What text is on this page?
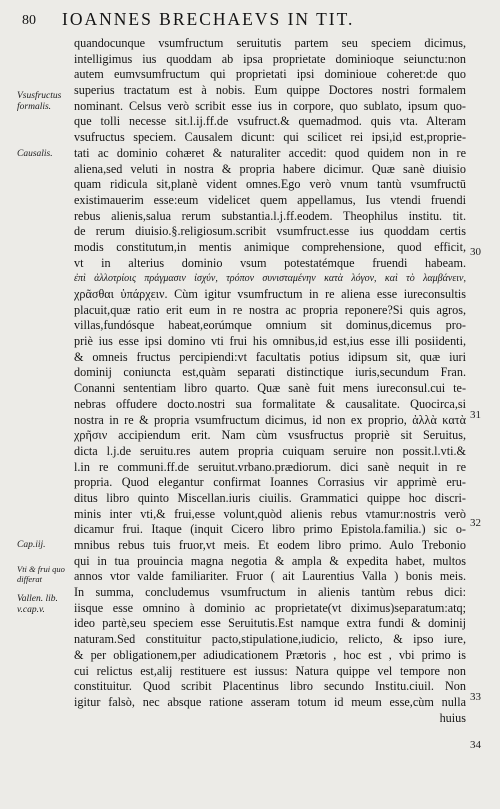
80 IOANNES BRECHAEVS IN TIT.
quandocunque vsumfructum seruitutis partem seu speciem dicimus,
intelligimus ius quoddam ab ipsa proprietate dominioque seiunctu:non
autem eumvsumfructum qui proprietati ipsi dominioue coheret:de quo
superius tractatum est à nobis. Eum quippe Doctores nostri formalem
nominant. Celsus verò scribit esse ius in corpore, quo sublato, ipsum quo-
que tolli necesse sit.l.ij.ff.de vsufruct.& quemadmod. quis vta. Alteram
vsufructus speciem. Causalem dicunt: qui scilicet rei ipsi,id est,proprie-
tati ac dominio cohæret & naturaliter accedit: quod quidem non in re
aliena,sed veluti in nostra & propria habere dicimur. Quæ sanè diuisio
quam ridicula sit,planè vident omnes.Ego verò vnum tantù vsumfructū
existimauerim esse:eum videlicet quem appellamus, Ius vtendi fruendi
rebus alienis,salua rerum substantia.l.j.ff.eodem. Theophilus institu. tit.
de rerum diuisio.§.religiosum.scribit vsumfruct.esse ius quoddam certis
modis constitutum,in mentis animique comprehensione, quod efficit,
vt in alterius dominio vsum potestatémque fruendi habeam.
ἐπὶ ἀλλοτρίοις πράγμασιν ἰσχύν, τρόπον συνισταμένην κατὰ λόγον, καὶ τὸ λαμβάνειν,
χρᾶσθαι ὑπάρχειν. Cùm igitur vsumfructum in re aliena esse iureconsultis
placuit,quæ ratio erit eum in re nostra ac propria reponere?Si quis agros,
villas,fundósque habeat,eorúmque omnium sit dominus,dicemus pro-
priè ius esse ipsi domino vti frui his omnibus,id est,ius esse illi posiidenti,
& omneis fructus percipiendi:vt facultatis potius idipsum sit, quæ iuri
dominij coniuncta est,quàm separati distinctique iuris,secundum Fran.
Conanni sententiam libro quarto. Quæ sanè fuit mens iureconsul.cui te-
nebras offudere docto.nostri sua formalitate & causalitate. Quocirca,si
nostra in re & propria vsumfructum dicimus, id non ex proprio, ἀλλὰ κατὰ
χρῆσιν accipiendum erit. Nam cùm vsusfructus propriè sit Seruitus,
dicta l.j.de seruitu.res autem propria cuiquam seruire non possit.l.vti.&
l.in re communi.ff.de seruitut.vrbano.prædiorum. dici sanè nequit in re
propria. Quod elegantur confirmat Ioannes Corrasius vir apprimè eru-
ditus libro quinto Miscellan.iuris ciuilis. Grammatici quippe hoc discri-
minis inter vti,& frui,esse volunt,quòd alienis rebus vtamur:nostris verò
dicamur frui. Itaque (inquit Cicero libro primo Epistola.familia.) sic o-
mnibus rebus tuis fruor,vt meis. Et eodem libro primo. Aulo Trebonio
qui in tua prouincia magna negotia & ampla & expedita habet, multos
annos vtor valde familiariter. Fruor ( ait Laurentius Valla ) bonis meis.
In summa, concludemus vsumfructum in alienis tantùm rebus dici:
iisque esse omnino à dominio ac proprietate(vt diximus)separatum:atq;
ideo partè,seu speciem esse Seruitutis.Est namque extra fundi & dominij
naturam.Sed constituitur pacto,stipulatione,iudicio, relicto, & ipso iure,
& per obligationem,per adiudicationem Prætoris , hoc est , vbi primo is
cui relictus est,alij restituere est iussus: Natura quippe vel tempore non
constituitur. Quod scribit Placentinus libro secundo Institu.ciuil. Non
igitur falsò, nec absque ratione asseram totum id meum esse,cùm nulla
huius
Vsusfructus formalis.
Causalis.
Cap.iij.
Vti & frui quo differat
Vallen. lib. v.cap.v.
30
31
32
33
34
